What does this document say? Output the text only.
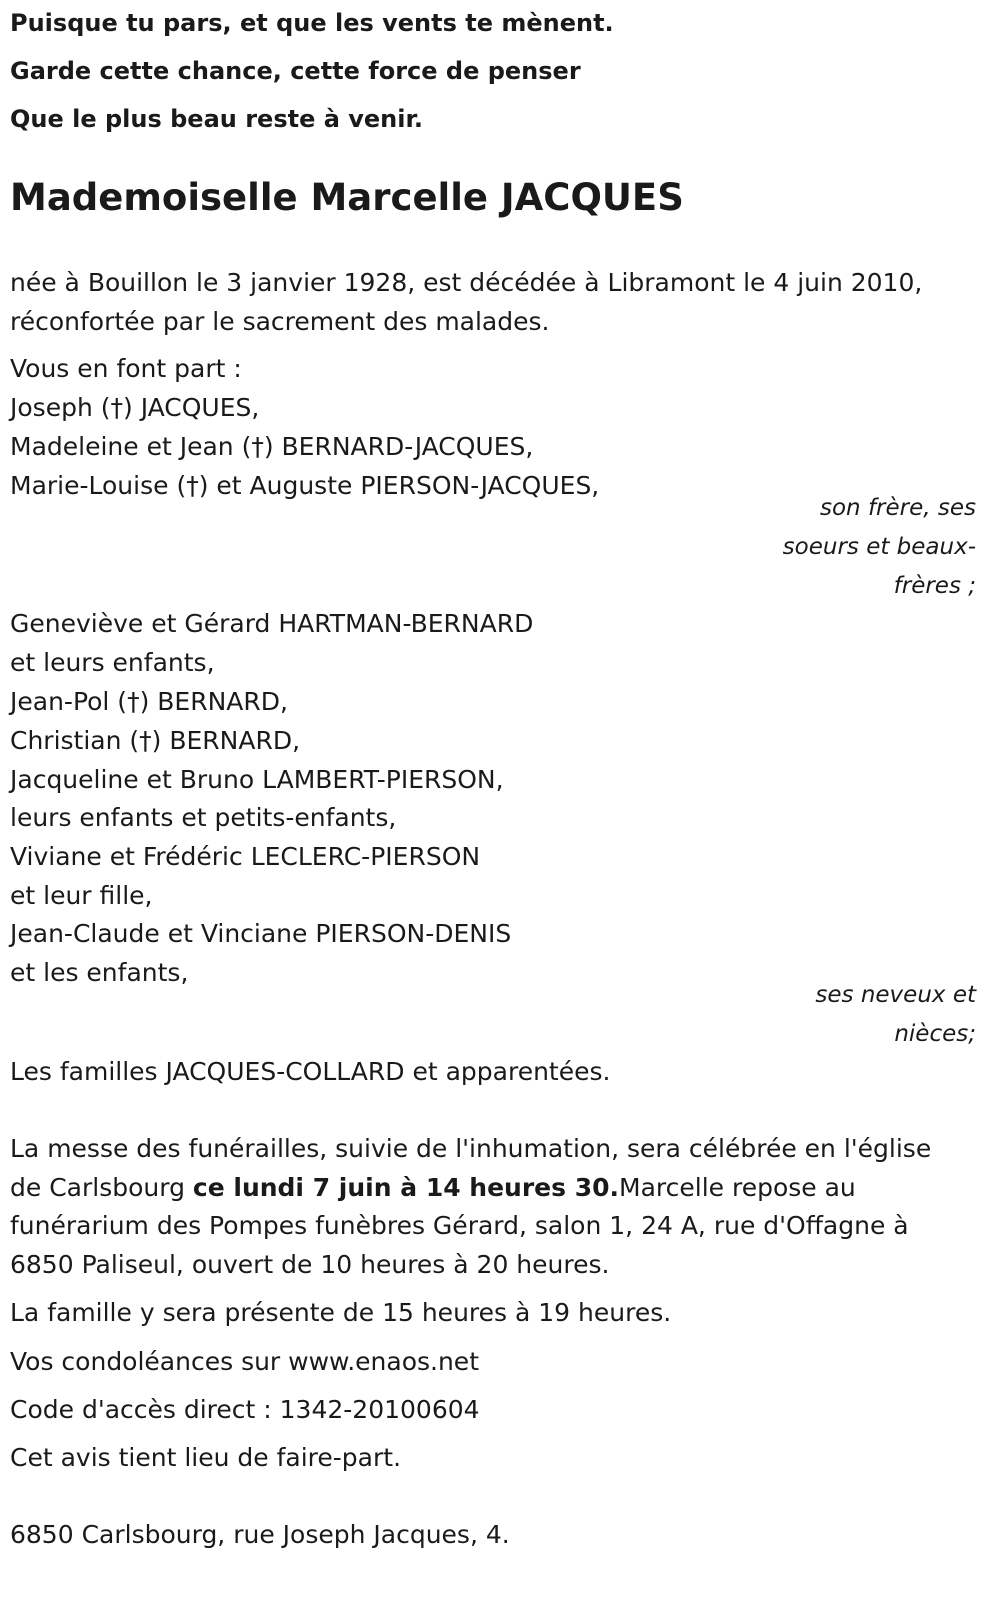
Puisque tu pars, et que les vents te mènent.
Garde cette chance, cette force de penser
Que le plus beau reste à venir.
Mademoiselle Marcelle JACQUES
née à Bouillon le 3 janvier 1928, est décédée à Libramont le 4 juin 2010,
réconfortée par le sacrement des malades.
Vous en font part :
Joseph (†) JACQUES,
Madeleine et Jean (†) BERNARD-JACQUES,
Marie-Louise (†) et Auguste PIERSON-JACQUES,
son frère, ses
soeurs et beaux-
frères ;
Geneviève et Gérard HARTMAN-BERNARD
et leurs enfants,
Jean-Pol (†) BERNARD,
Christian (†) BERNARD,
Jacqueline et Bruno LAMBERT-PIERSON,
leurs enfants et petits-enfants,
Viviane et Frédéric LECLERC-PIERSON
et leur fille,
Jean-Claude et Vinciane PIERSON-DENIS
et les enfants,
ses neveux et
nièces;
Les familles JACQUES-COLLARD et apparentées.
La messe des funérailles, suivie de l'inhumation, sera célébrée en l'église
de Carlsbourg ce lundi 7 juin à 14 heures 30.Marcelle repose au
funérarium des Pompes funèbres Gérard, salon 1, 24 A, rue d'Offagne à
6850 Paliseul, ouvert de 10 heures à 20 heures.
La famille y sera présente de 15 heures à 19 heures.
Vos condoléances sur www.enaos.net
Code d'accès direct : 1342-20100604
Cet avis tient lieu de faire-part.
6850 Carlsbourg, rue Joseph Jacques, 4.
